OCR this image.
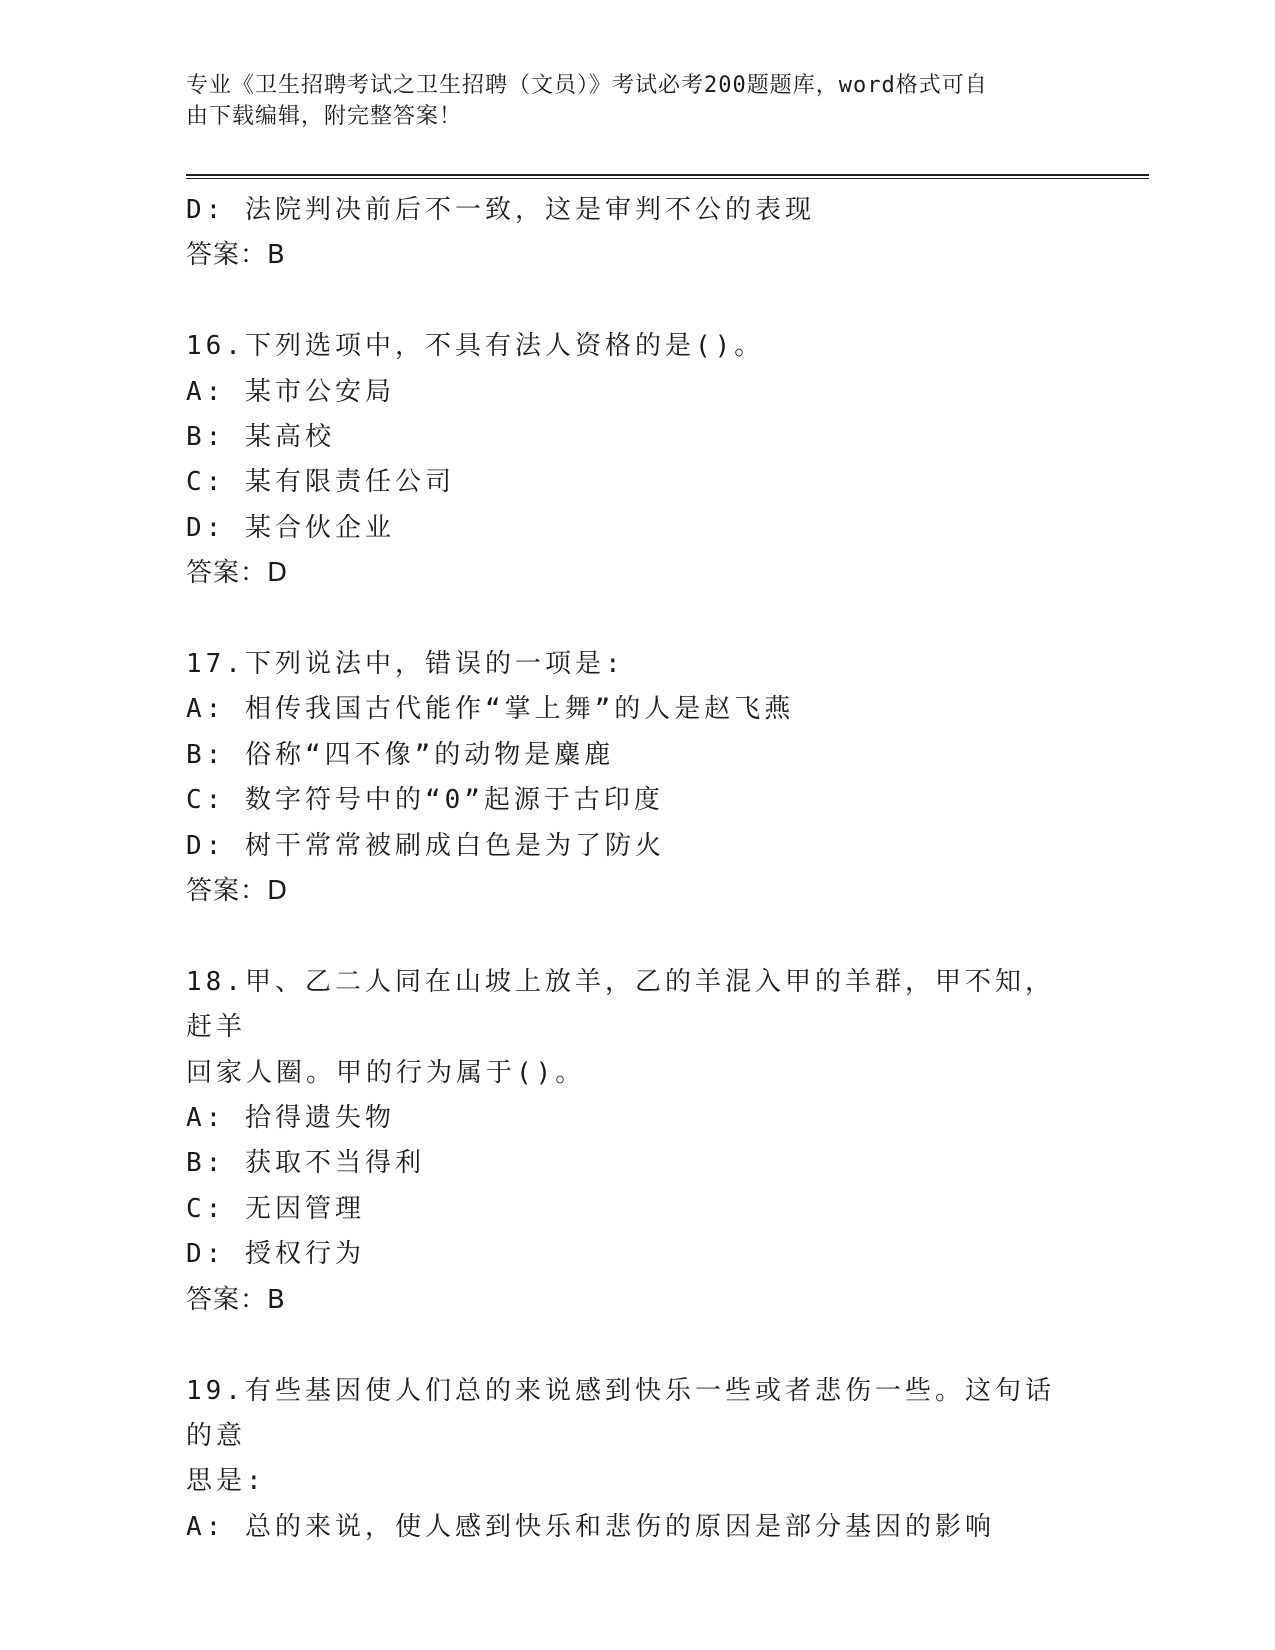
专业《卫生招聘考试之卫生招聘（文员）》考试必考200题题库，word格式可自
由下载编辑，附完整答案！

D: 法院判决前后不一致，这是审判不公的表现

答案：B

16.下列选项中，不具有法人资格的是()。

A: 某市公安局

B: 某高校

C: 某有限责任公司

D: 某合伙企业

答案：D

17.下列说法中，错误的一项是:

A: 相传我国古代能作“掌上舞”的人是赵飞燕

B: 俗称“四不像”的动物是麋鹿

C: 数字符号中的“0”起源于古印度

D: 树干常常被刷成白色是为了防火

答案：D

18.甲、乙二人同在山坡上放羊，乙的羊混入甲的羊群，甲不知，赶羊

回家人圈。甲的行为属于()。

A: 拾得遗失物

B: 获取不当得利

C: 无因管理

D: 授权行为

答案：B

19.有些基因使人们总的来说感到快乐一些或者悲伤一些。这句话的意

思是:

A: 总的来说，使人感到快乐和悲伤的原因是部分基因的影响
